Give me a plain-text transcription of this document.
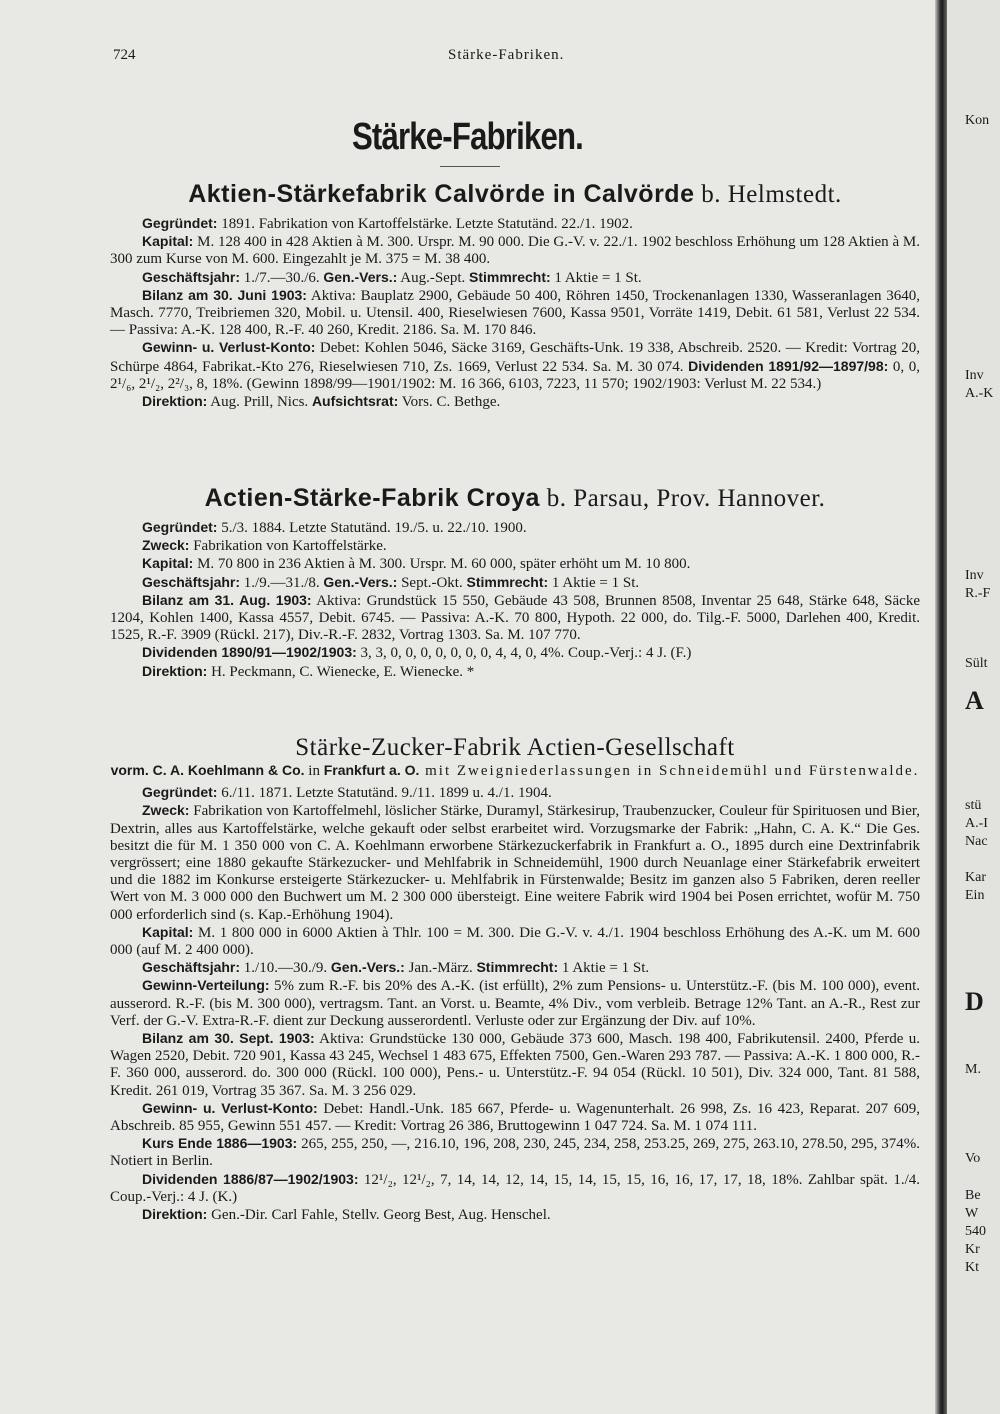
724	Stärke-Fabriken.
Stärke-Fabriken.
Aktien-Stärkefabrik Calvörde in Calvörde b. Helmstedt.

Gegründet: 1891. Fabrikation von Kartoffelstärke. Letzte Statutänd. 22./1. 1902.

Kapital: M. 128 400 in 428 Aktien à M. 300. Urspr. M. 90 000. Die G.-V. v. 22./1. 1902 beschloss Erhöhung um 128 Aktien à M. 300 zum Kurse von M. 600. Eingezahlt je M. 375 = M. 38 400.

Geschäftsjahr: 1./7.—30./6. Gen.-Vers.: Aug.-Sept. Stimmrecht: 1 Aktie = 1 St.

Bilanz am 30. Juni 1903: Aktiva: Bauplatz 2900, Gebäude 50 400, Röhren 1450, Trockenanlagen 1330, Wasseranlagen 3640, Masch. 7770, Treibriemen 320, Mobil. u. Utensil. 400, Rieselwiesen 7600, Kassa 9501, Vorräte 1419, Debit. 61 581, Verlust 22 534. — Passiva: A.-K. 128 400, R.-F. 40 260, Kredit. 2186. Sa. M. 170 846.

Gewinn- u. Verlust-Konto: Debet: Kohlen 5046, Säcke 3169, Geschäfts-Unk. 19 338, Abschreib. 2520. — Kredit: Vortrag 20, Schürpe 4864, Fabrikat.-Kto 276, Rieselwiesen 710, Zs. 1669, Verlust 22 534. Sa. M. 30 074. Dividenden 1891/92—1897/98: 0, 0, 2¹/₆, 2¹/₂, 2²/₃, 8, 18%. (Gewinn 1898/99—1901/1902: M. 16 366, 6103, 7223, 11 570; 1902/1903: Verlust M. 22 534.)

Direktion: Aug. Prill, Nics. Aufsichtsrat: Vors. C. Bethge.

Actien-Stärke-Fabrik Croya b. Parsau, Prov. Hannover.

Gegründet: 5./3. 1884. Letzte Statutänd. 19./5. u. 22./10. 1900.

Zweck: Fabrikation von Kartoffelstärke.

Kapital: M. 70 800 in 236 Aktien à M. 300. Urspr. M. 60 000, später erhöht um M. 10 800.

Geschäftsjahr: 1./9.—31./8. Gen.-Vers.: Sept.-Okt. Stimmrecht: 1 Aktie = 1 St.

Bilanz am 31. Aug. 1903: Aktiva: Grundstück 15 550, Gebäude 43 508, Brunnen 8508, Inventar 25 648, Stärke 648, Säcke 1204, Kohlen 1400, Kassa 4557, Debit. 6745. — Passiva: A.-K. 70 800, Hypoth. 22 000, do. Tilg.-F. 5000, Darlehen 400, Kredit. 1525, R.-F. 3909 (Rückl. 217), Div.-R.-F. 2832, Vortrag 1303. Sa. M. 107 770.

Dividenden 1890/91—1902/1903: 3, 3, 0, 0, 0, 0, 0, 0, 0, 4, 4, 0, 4%. Coup.-Verj.: 4 J. (F.)

Direktion: H. Peckmann, C. Wienecke, E. Wienecke. *

Stärke-Zucker-Fabrik Actien-Gesellschaft

vorm. C. A. Koehlmann & Co. in Frankfurt a. O. mit Zweigniederlassungen in Schneidemühl und Fürstenwalde.

Gegründet: 6./11. 1871. Letzte Statutänd. 9./11. 1899 u. 4./1. 1904.

Zweck: Fabrikation von Kartoffelmehl, löslicher Stärke, Duramyl, Stärkesirup, Traubenzucker, Couleur für Spirituosen und Bier, Dextrin, alles aus Kartoffelstärke, welche gekauft oder selbst erarbeitet wird. Vorzugsmarke der Fabrik: „Hahn, C. A. K.“ Die Ges. besitzt die für M. 1 350 000 von C. A. Koehlmann erworbene Stärkezuckerfabrik in Frankfurt a. O., 1895 durch eine Dextrinfabrik vergrössert; eine 1880 gekaufte Stärkezucker- und Mehlfabrik in Schneidemühl, 1900 durch Neuanlage einer Stärkefabrik erweitert und die 1882 im Konkurse ersteigerte Stärkezucker- u. Mehlfabrik in Fürstenwalde; Besitz im ganzen also 5 Fabriken, deren reeller Wert von M. 3 000 000 den Buchwert um M. 2 300 000 übersteigt. Eine weitere Fabrik wird 1904 bei Posen errichtet, wofür M. 750 000 erforderlich sind (s. Kap.-Erhöhung 1904).

Kapital: M. 1 800 000 in 6000 Aktien à Thlr. 100 = M. 300. Die G.-V. v. 4./1. 1904 beschloss Erhöhung des A.-K. um M. 600 000 (auf M. 2 400 000).

Geschäftsjahr: 1./10.—30./9. Gen.-Vers.: Jan.-März. Stimmrecht: 1 Aktie = 1 St.

Gewinn-Verteilung: 5% zum R.-F. bis 20% des A.-K. (ist erfüllt), 2% zum Pensions- u. Unterstütz.-F. (bis M. 100 000), event. ausserord. R.-F. (bis M. 300 000), vertragsm. Tant. an Vorst. u. Beamte, 4% Div., vom verbleib. Betrage 12% Tant. an A.-R., Rest zur Verf. der G.-V. Extra-R.-F. dient zur Deckung ausserordentl. Verluste oder zur Ergänzung der Div. auf 10%.

Bilanz am 30. Sept. 1903: Aktiva: Grundstücke 130 000, Gebäude 373 600, Masch. 198 400, Fabrikutensil. 2400, Pferde u. Wagen 2520, Debit. 720 901, Kassa 43 245, Wechsel 1 483 675, Effekten 7500, Gen.-Waren 293 787. — Passiva: A.-K. 1 800 000, R.-F. 360 000, ausserord. do. 300 000 (Rückl. 100 000), Pens.- u. Unterstütz.-F. 94 054 (Rückl. 10 501), Div. 324 000, Tant. 81 588, Kredit. 261 019, Vortrag 35 367. Sa. M. 3 256 029.

Gewinn- u. Verlust-Konto: Debet: Handl.-Unk. 185 667, Pferde- u. Wagenunterhalt. 26 998, Zs. 16 423, Reparat. 207 609, Abschreib. 85 955, Gewinn 551 457. — Kredit: Vortrag 26 386, Bruttogewinn 1 047 724. Sa. M. 1 074 111.

Kurs Ende 1886—1903: 265, 255, 250, —, 216.10, 196, 208, 230, 245, 234, 258, 253.25, 269, 275, 263.10, 278.50, 295, 374%. Notiert in Berlin.

Dividenden 1886/87—1902/1903: 12¹/₂, 12¹/₂, 7, 14, 14, 12, 14, 15, 14, 15, 15, 16, 16, 17, 17, 18, 18%. Zahlbar spät. 1./4. Coup.-Verj.: 4 J. (K.)

Direktion: Gen.-Dir. Carl Fahle, Stellv. Georg Best, Aug. Henschel.

Kon
Inv
A.-K
Inv
R.-F
Sült
A
stü
A.-I
Nac
Kar
Ein
D
M.
Vo
Be
W
540
Kr
Kt
